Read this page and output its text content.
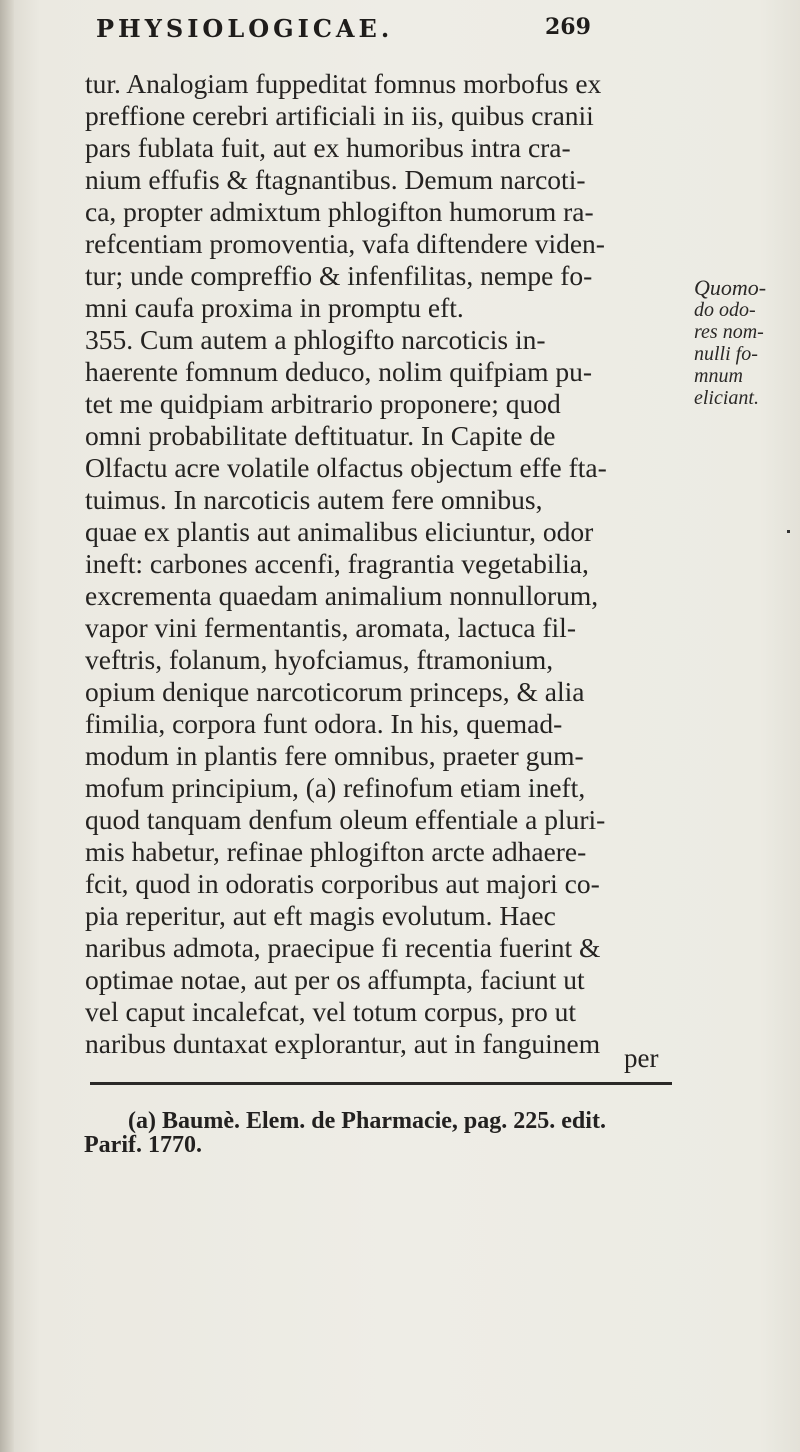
PHYSIOLOGICAE.	269
tur. Analogiam fuppeditat fomnus morbofus ex
preffione cerebri artificiali in iis, quibus cranii
pars fublata fuit, aut ex humoribus intra cra-
nium effufis & ftagnantibus. Demum narcoti-
ca, propter admixtum phlogifton humorum ra-
refcentiam promoventia, vafa diftendere viden-
tur; unde compreffio & infenfilitas, nempe fo-
mni caufa proxima in promptu eft.
355. Cum autem a phlogifto narcoticis in-
haerente fomnum deduco, nolim quifpiam pu-
tet me quidpiam arbitrario proponere; quod
omni probabilitate deftituatur. In Capite de
Olfactu acre volatile olfactus objectum effe fta-
tuimus. In narcoticis autem fere omnibus,
quae ex plantis aut animalibus eliciuntur, odor
ineft: carbones accenfi, fragrantia vegetabilia,
excrementa quaedam animalium nonnullorum,
vapor vini fermentantis, aromata, lactuca fil-
veftris, folanum, hyofciamus, ftramonium,
opium denique narcoticorum princeps, & alia
fimilia, corpora funt odora. In his, quemad-
modum in plantis fere omnibus, praeter gum-
mofum principium, (a) refinofum etiam ineft,
quod tanquam denfum oleum effentiale a pluri-
mis habetur, refinae phlogifton arcte adhaere-
fcit, quod in odoratis corporibus aut majori co-
pia reperitur, aut eft magis evolutum. Haec
naribus admota, praecipue fi recentia fuerint &
optimae notae, aut per os affumpta, faciunt ut
vel caput incalefcat, vel totum corpus, pro ut
naribus duntaxat explorantur, aut in fanguinem per
Quomo-
do odo-
res nom-
nulli fo-
mnum
eliciant.
(a) Baumè. Elem. de Pharmacie, pag. 225. edit.
Parif. 1770.
